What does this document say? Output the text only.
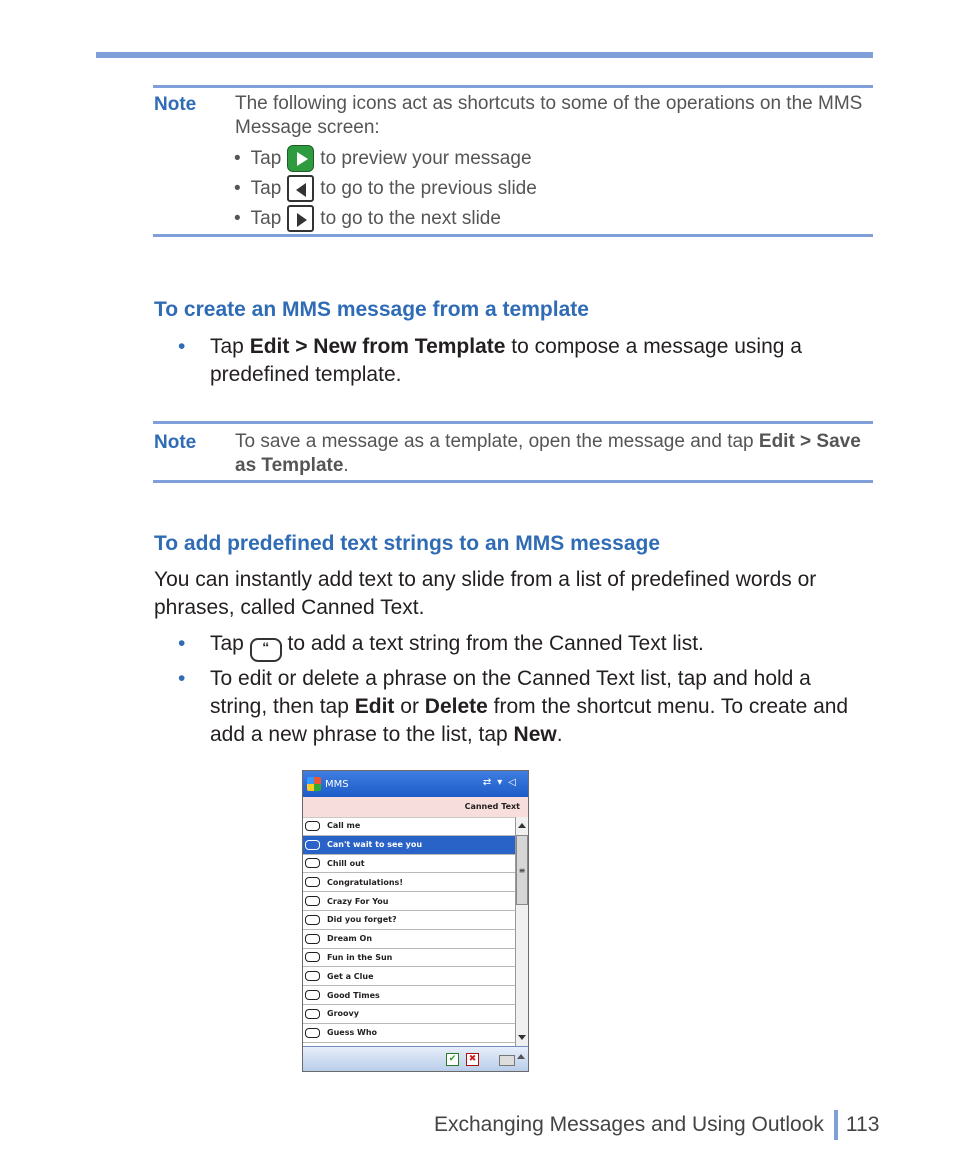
Note The following icons act as shortcuts to some of the operations on the MMS Message screen:
• Tap to preview your message
• Tap to go to the previous slide
• Tap to go to the next slide
To create an MMS message from a template
• Tap Edit > New from Template to compose a message using a predefined template.
Note To save a message as a template, open the message and tap Edit > Save as Template.
To add predefined text strings to an MMS message

You can instantly add text to any slide from a list of predefined words or phrases, called Canned Text.

• Tap “ to add a text string from the Canned Text list.
• To edit or delete a phrase on the Canned Text list, tap and hold a string, then tap Edit or Delete from the shortcut menu. To create and add a new phrase to the list, tap New.
MMS	⇄▾◁
Canned Text
Call me
Can't wait to see you
Chill out
Congratulations!
Crazy For You
Did you forget?
Dream On
Fun in the Sun
Get a Clue
Good Times
Groovy
Guess Who
≡
✔	✖
Exchanging Messages and Using Outlook 113
